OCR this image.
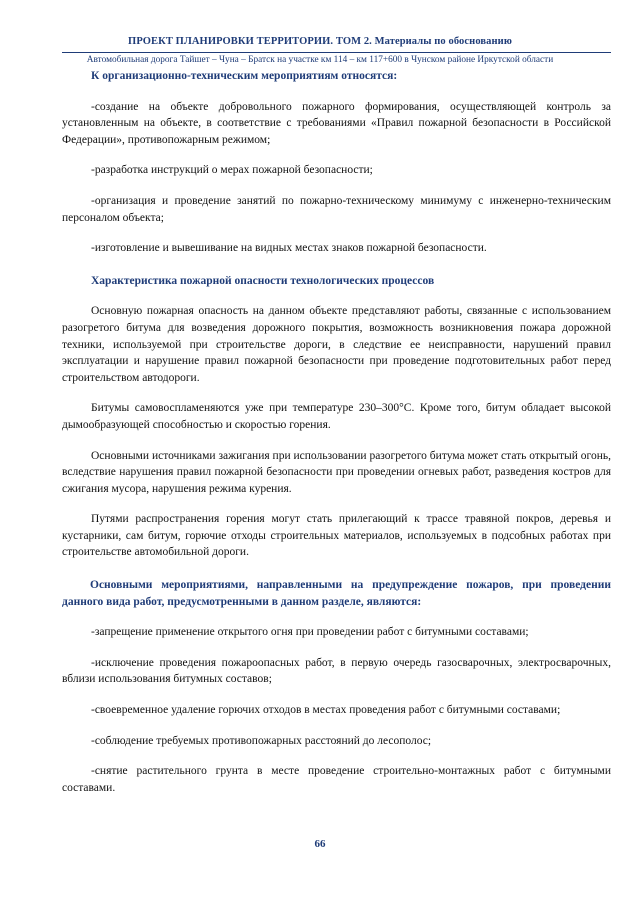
ПРОЕКТ ПЛАНИРОВКИ ТЕРРИТОРИИ. ТОМ 2. Материалы по обоснованию
Автомобильная дорога Тайшет – Чуна – Братск на участке км 114 – км 117+600 в Чунском районе Иркутской области

К организационно-техническим мероприятиям относятся:

-создание на объекте добровольного пожарного формирования, осуществляющей контроль за установленным на объекте, в соответствие с требованиями «Правил пожарной безопасности в Российской Федерации», противопожарным режимом;

-разработка инструкций о мерах пожарной безопасности;

-организация и проведение занятий по пожарно-техническому минимуму с инженерно-техническим персоналом объекта;

-изготовление и вывешивание на видных местах знаков пожарной безопасности.

Характеристика пожарной опасности технологических процессов

Основную пожарная опасность на данном объекте представляют работы, связанные с использованием разогретого битума для возведения дорожного покрытия, возможность возникновения пожара дорожной техники, используемой при строительстве дороги, в следствие ее неисправности, нарушений правил эксплуатации и нарушение правил пожарной безопасности при проведение подготовительных работ перед строительством автодороги.

Битумы самовоспламеняются уже при температуре 230–300°С. Кроме того, битум обладает высокой дымообразующей способностью и скоростью горения.

Основными источниками зажигания при использовании разогретого битума может стать открытый огонь, вследствие нарушения правил пожарной безопасности при проведении огневых работ, разведения костров для сжигания мусора, нарушения режима курения.

Путями распространения горения могут стать прилегающий к трассе травяной покров, деревья и кустарники, сам битум, горючие отходы строительных материалов, используемых в подсобных работах при строительстве автомобильной дороги.

Основными мероприятиями, направленными на предупреждение пожаров, при проведении данного вида работ, предусмотренными в данном разделе, являются:

-запрещение применение открытого огня при проведении работ с битумными составами;

-исключение проведения пожароопасных работ, в первую очередь газосварочных, электросварочных, вблизи использования битумных составов;

-своевременное удаление горючих отходов в местах проведения работ с битумными составами;

-соблюдение требуемых противопожарных расстояний до лесополос;

-снятие растительного грунта в месте проведение строительно-монтажных работ с битумными составами.

66
